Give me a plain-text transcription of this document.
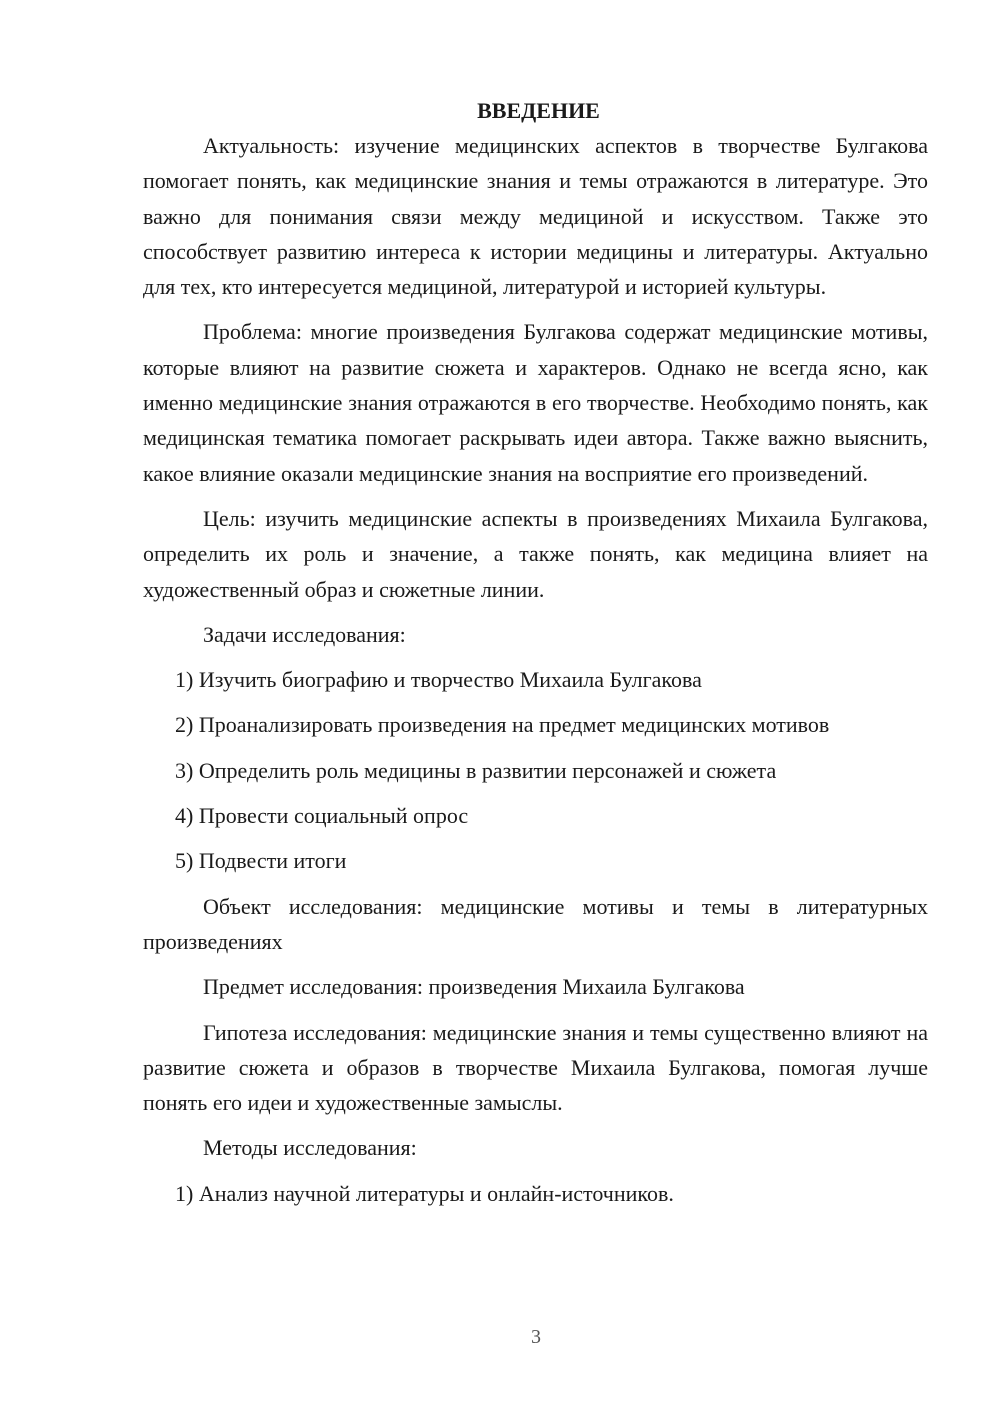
ВВЕДЕНИЕ

Актуальность: изучение медицинских аспектов в творчестве Булгакова помогает понять, как медицинские знания и темы отражаются в литературе. Это важно для понимания связи между медициной и искусством. Также это способствует развитию интереса к истории медицины и литературы. Актуально для тех, кто интересуется медициной, литературой и историей культуры.

Проблема: многие произведения Булгакова содержат медицинские мотивы, которые влияют на развитие сюжета и характеров. Однако не всегда ясно, как именно медицинские знания отражаются в его творчестве. Необходимо понять, как медицинская тематика помогает раскрывать идеи автора. Также важно выяснить, какое влияние оказали медицинские знания на восприятие его произведений.

Цель: изучить медицинские аспекты в произведениях Михаила Булгакова, определить их роль и значение, а также понять, как медицина влияет на художественный образ и сюжетные линии.

Задачи исследования:

1) Изучить биографию и творчество Михаила Булгакова

2) Проанализировать произведения на предмет медицинских мотивов

3) Определить роль медицины в развитии персонажей и сюжета

4) Провести социальный опрос

5) Подвести итоги

Объект исследования: медицинские мотивы и темы в литературных произведениях

Предмет исследования: произведения Михаила Булгакова

Гипотеза исследования: медицинские знания и темы существенно влияют на развитие сюжета и образов в творчестве Михаила Булгакова, помогая лучше понять его идеи и художественные замыслы.

Методы исследования:

1) Анализ научной литературы и онлайн-источников.

3
